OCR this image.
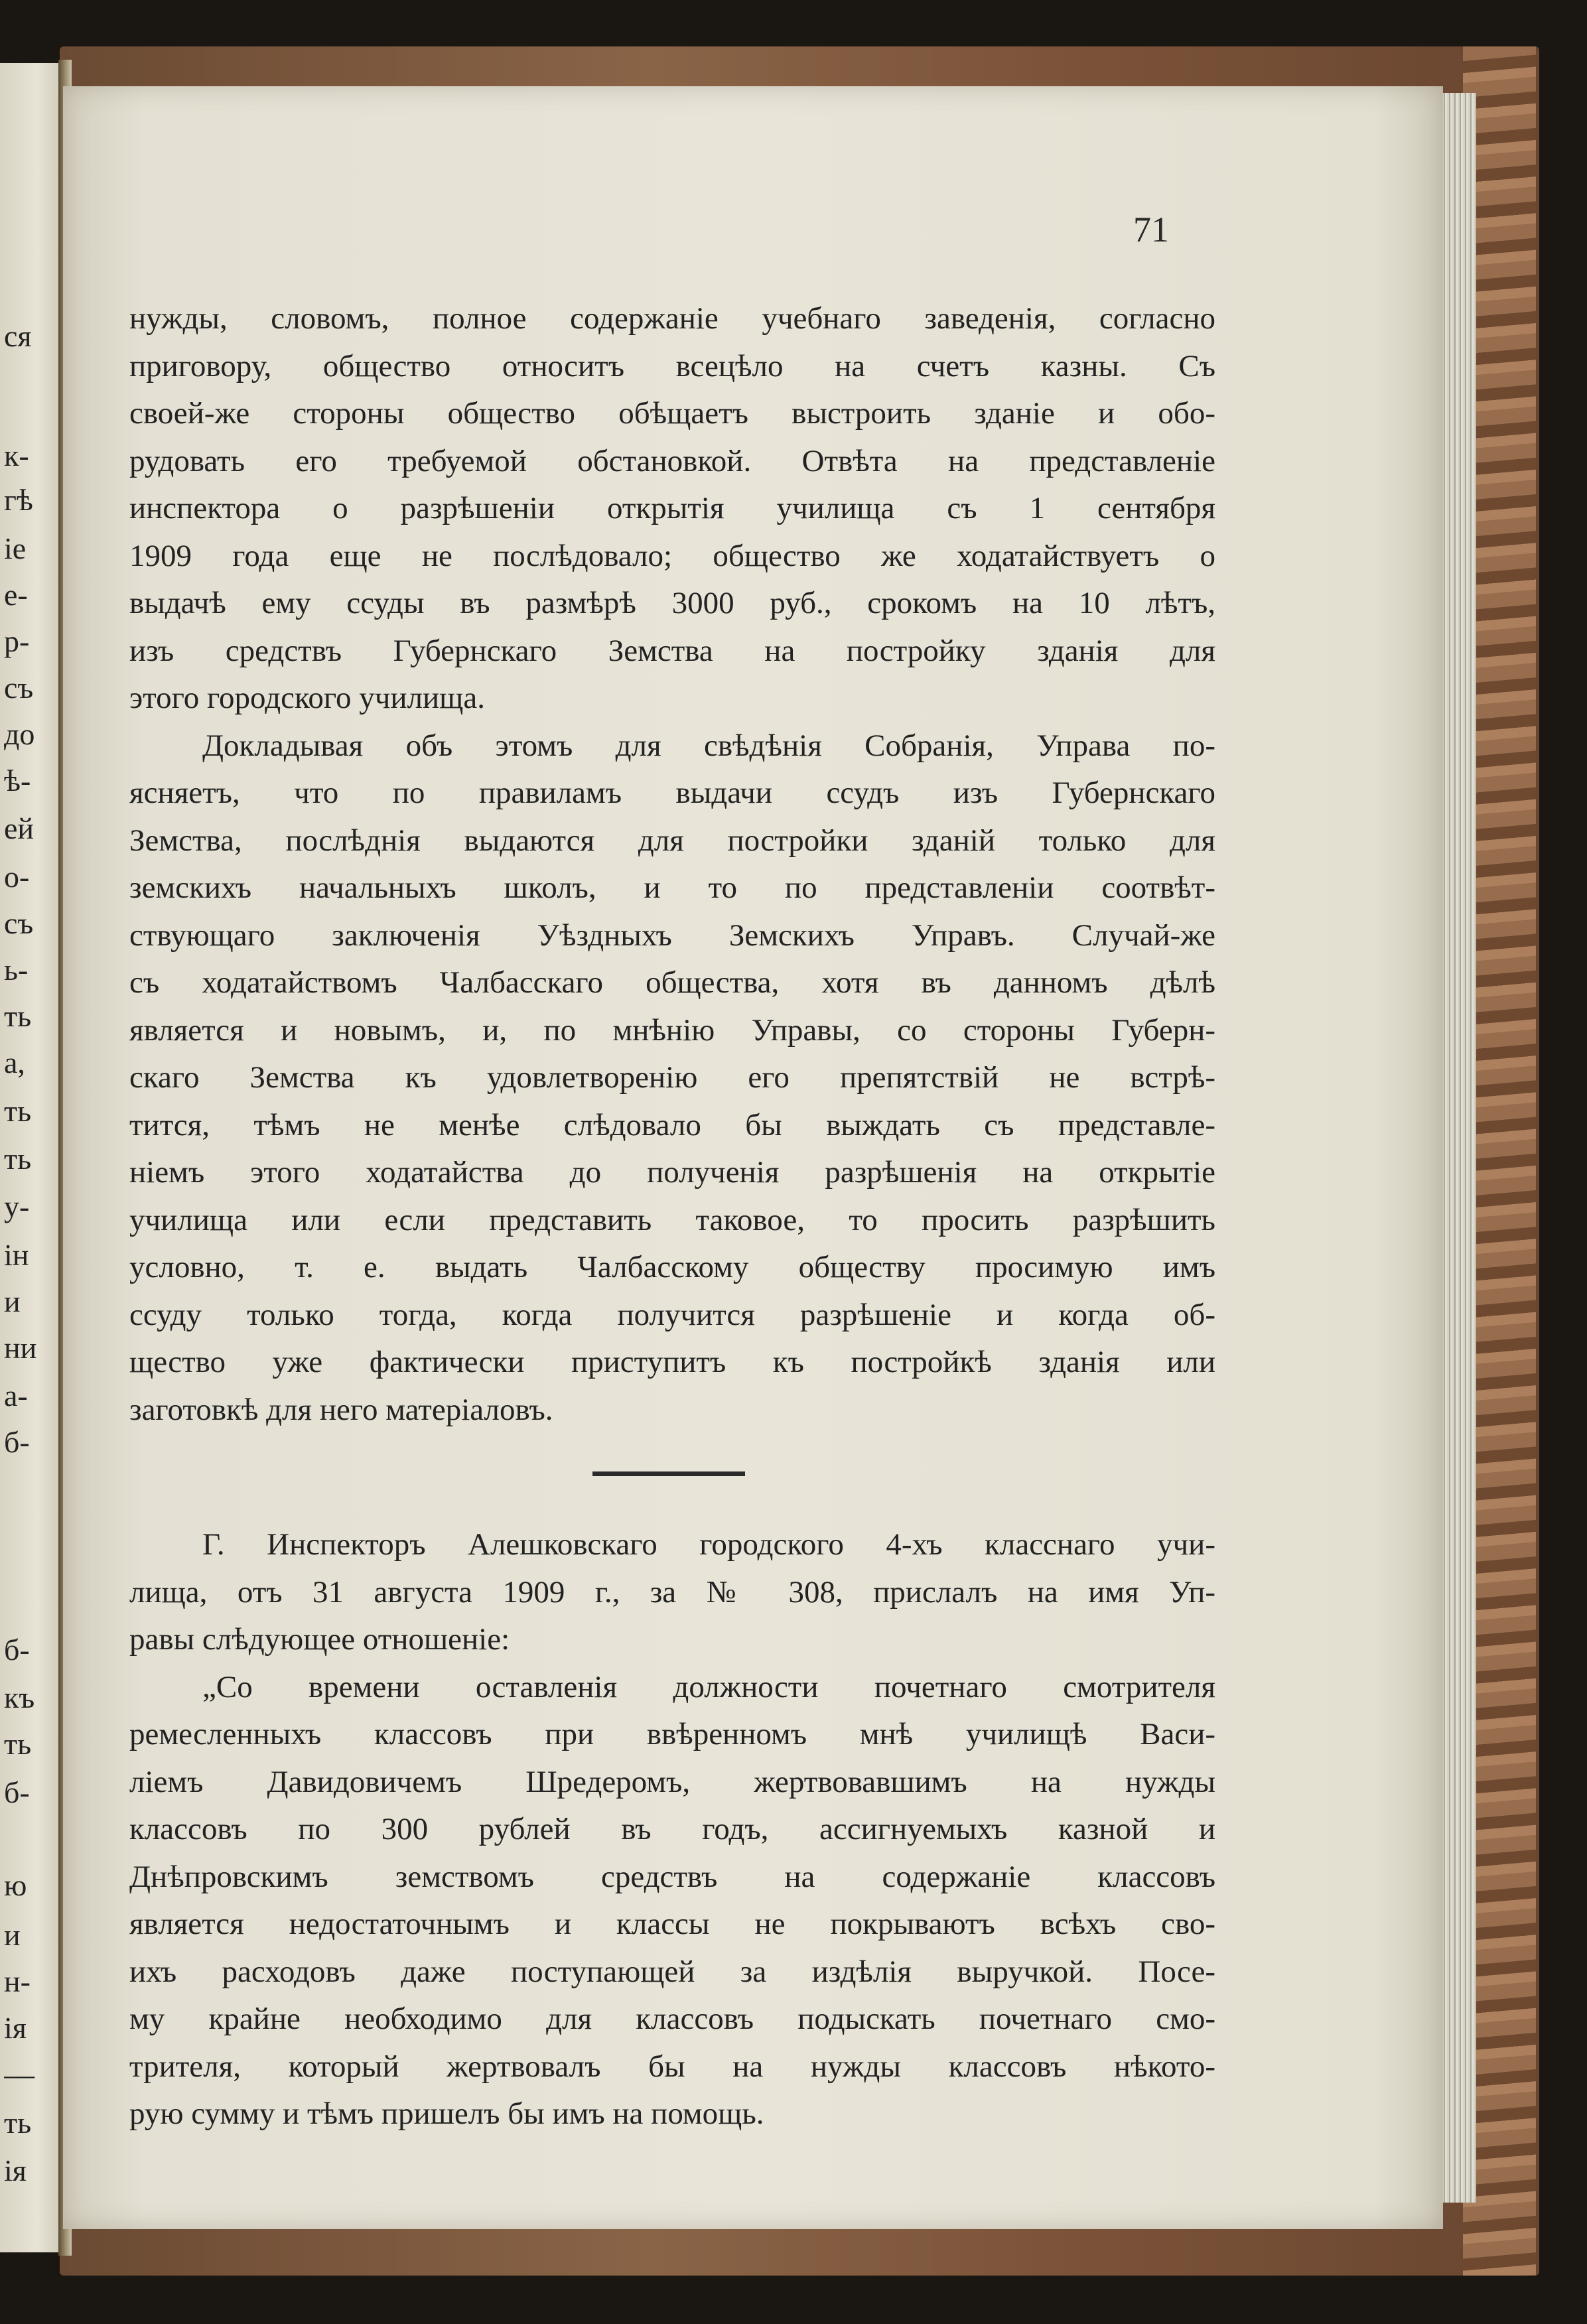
ся
к-
гѣ
іе
е-
р-
съ
до
ѣ-
ей
о-
съ
ь-
ть
а,
ть
ть
у-
ін
и
ни
а-
б-
б-
къ
ть
б-
ю
и
н-
ія
—
ть
ія
71
нужды, словомъ, полное содержаніе учебнаго заведенія, согласно
приговору, общество относитъ всецѣло на счетъ казны. Съ
своей-же стороны общество обѣщаетъ выстроить зданіе и обо-
рудовать его требуемой обстановкой. Отвѣта на представленіе
инспектора о разрѣшеніи открытія училища съ 1 сентября
1909 года еще не послѣдовало; общество же ходатайствуетъ о
выдачѣ ему ссуды въ размѣрѣ 3000 руб., срокомъ на 10 лѣтъ,
изъ средствъ Губернскаго Земства на постройку зданія для
этого городского училища.
Докладывая объ этомъ для свѣдѣнія Собранія, Управа по-
ясняетъ, что по правиламъ выдачи ссудъ изъ Губернскаго
Земства, послѣднія выдаются для постройки зданій только для
земскихъ начальныхъ школъ, и то по представленіи соотвѣт-
ствующаго заключенія Уѣздныхъ Земскихъ Управъ. Случай-же
съ ходатайствомъ Чалбасскаго общества, хотя въ данномъ дѣлѣ
является и новымъ, и, по мнѣнію Управы, со стороны Губерн-
скаго Земства къ удовлетворенію его препятствій не встрѣ-
тится, тѣмъ не менѣе слѣдовало бы выждать съ представле-
ніемъ этого ходатайства до полученія разрѣшенія на открытіе
училища или если представить таковое, то просить разрѣшить
условно, т. е. выдать Чалбасскому обществу просимую имъ
ссуду только тогда, когда получится разрѣшеніе и когда об-
щество уже фактически приступитъ къ постройкѣ зданія или
заготовкѣ для него матеріаловъ.
Г. Инспекторъ Алешковскаго городского 4-хъ класснаго учи-
лища, отъ 31 августа 1909 г., за № 308, прислалъ на имя Уп-
равы слѣдующее отношеніе:
„Со времени оставленія должности почетнаго смотрителя
ремесленныхъ классовъ при ввѣренномъ мнѣ училищѣ Васи-
ліемъ Давидовичемъ Шредеромъ, жертвовавшимъ на нужды
классовъ по 300 рублей въ годъ, ассигнуемыхъ казной и
Днѣпровскимъ земствомъ средствъ на содержаніе классовъ
является недостаточнымъ и классы не покрываютъ всѣхъ сво-
ихъ расходовъ даже поступающей за издѣлія выручкой. Посе-
му крайне необходимо для классовъ подыскать почетнаго смо-
трителя, который жертвовалъ бы на нужды классовъ нѣкото-
рую сумму и тѣмъ пришелъ бы имъ на помощь.
